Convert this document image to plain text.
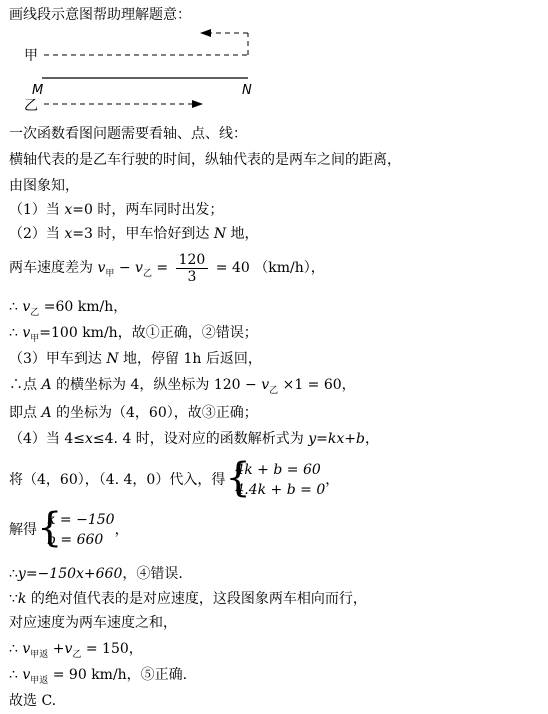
画线段示意图帮助理解题意：
甲
M	N
乙
一次函数看图问题需要看轴、点、线：
横轴代表的是乙车行驶的时间，纵轴代表的是两车之间的距离，
由图象知，
（1）当 x=0 时，两车同时出发；
（2）当 x=3 时，甲车恰好到达 N 地，
两车速度差为 $v_甲 - v_乙 = \frac{120}{3} = 40$ （km/h），
∴ $v_乙 =60$ km/h，
∴ $v_甲=100$ km/h，故①正确，②错误；
（3）甲车到达 N 地，停留 1h 后返回，
∴点 A 的横坐标为 4，纵坐标为 $120 - v_乙 \times 1 = 60$，
即点 A 的坐标为（4，60），故③正确；
（4）当 4≤x≤4. 4 时，设对应的函数解析式为 y=kx+b，
将（4，60），（4. 4，0）代入，得 {
4k + b = 60
4.4k + b = 0
，
解得 {
k = −150
b = 660
，
∴y=−150x+660，④错误.
∵k 的绝对值代表的是对应速度，这段图象两车相向而行，
对应速度为两车速度之和，
∴ $v_{甲返} +v_乙 = 150$，
∴ $v_{甲返} = 90$ km/h，⑤正确.
故选 C.
